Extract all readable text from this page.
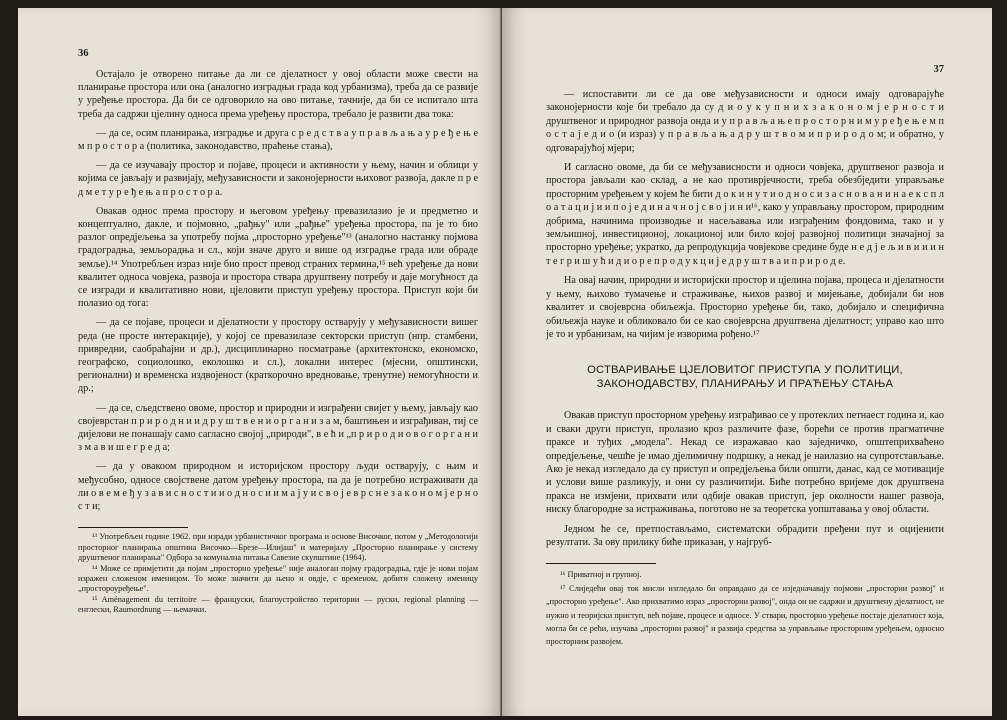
36

Остајало је отворено питање да ли се дјелатност у овој области може свести на планирање простора или она (аналогно изградњи града код урбанизма), треба да се развије у уређење простора. Да би се одговорило на ово питање, тачније, да би се испитало шта треба да садржи цјелину односа према уређењу простора, требало је развити два тока:

— да се, осим планирања, изградње и друга с р е д с т в а у п р а в љ а њ а у р е ђ е њ е м п р о с т о р а (политика, законодавство, праћење стања),

— да се изучавају простор и појаве, процеси и активности у њему, начин и облици у којима се јављају и развијају, међузависности и законојерности њиховог развоја, дакле п р е д м е т у р е ђ е њ а п р о с т о р а.

Овакав однос према простору и његовом уређењу превазилазио је и предметно и концептуално, дакле, и појмовно, „рађњу" или „рађње" уређења простора, па је то био разлог опредјељења за употребу појма „просторно уређење"¹³ (аналогно настанку појмова градоградња, земљорадња и сл., који значе друго и више од изградње града или обраде земље).¹⁴ Употребљен израз није био прост превод страних термина,¹⁵ већ уређење да нови квалитет односа човјека, развоја и простора ствара друштвену потребу и даје могућност да се изгради и квалитативно нови, цјеловити приступ уређењу простора. Приступ који би полазио од тога:

— да се појаве, процеси и дјелатности у простору остварују у међузависности вишег реда (не просте интеракције), у којој се превазилазе секторски приступ (нпр. стамбени, привредни, саобраћајни и др.), дисциплинарно посматрање (архитектонско, економско, географско, социолошко, еколошко и сл.), локални интерес (мјесни, општински, регионални) и временска издвојеност (краткорочно вредновање, тренутне) немогућности и др.;

— да се, сљедствено овоме, простор и природни и изграђени свијет у њему, јављају као својеврстан п р и р о д н и и д р у ш т в е н и о р г а н и з а м, баштињен и изграђиван, тиј се дијелови не понашају само сагласно својој „природи", в е ћ и „п р и р о д и о в о г о р г а н и з м а в и ш е г р е д а;

— да у овакоом природном и историјском простору људи остварују, с њим и међусобно, односе својствене датом уређењу простора, па да је потребно истраживати да ли о в е м е ђ у з а в и с н о с т и и о д н о с и и м а ј у и с в о ј е в р с н е з а к о н о м ј е р н о с т и;

¹³ Употребљен године 1962. при изради урбанистичког програма и основе Височког, потом у „Методологији просторног планирања општина Височко—Брезе—Илијаш" и материјалу „Просторно планирање у систему друштвеног планирања" Одбора за комунална питања Савезне скупштине (1964).

¹⁴ Може се примјетити да појам „просторно уређење" није аналоган појму градоградња, гдје је нови појам изражен сложеном именицом. То може значити да њено и овдје, с временом, добити сложену именицу „простороуређење".

¹⁵ Aménagement du territoire — француски, благоустройство територии — руски, regional planning — енглески, Raumordnung — њемачки.

37

— испоставити ли се да ове међузависности и односи имају одговарајуће законојерности које би требало да су д и о у к у п н и х з а к о н о м ј е р н о с т и друштвеног и природног развоја онда и у п р а в љ а њ е п р о с т о р н и м у р е ђ е њ е м п о с т а ј е д и о (и израз) у п р а в љ а њ а д р у ш т в о м и п р и р о д о м; и обратно, у одговарајућој мјери;

И сагласно овоме, да би се међузависности и односи човјека, друштвеног развоја и простора јављали као склад, а не као противрјечности, треба обезбједити управљање просторним уређењем у којем ће бити д о к и н у т и о д н о с и з а с н о в а н и н а е к с п л о а т а ц и ј и и п о ј е д и н а ч н о ј с в о ј и н и¹⁶, како у управљању простором, природним добрима, начинима производње и насељавања или изграђеним фондовима, тако и у земљишној, инвестиционој, локационој или било којој развојној политици значајној за просторно уређење; укратко, да репродукција човјекове средине буде н е д ј е љ и в и и и н т е г р и ш у ћ и д и о р е п р о д у к ц и ј е д р у ш т в а и п р и р о д е.

На овај начин, природни и историјски простор и цјелина појава, процеса и дјелатности у њему, њихово тумачење и страживање, њихов развој и мијењање, добијали би нов квалитет и својеврсна обиљежја. Просторно уређење би, тако, добијало и специфична обиљежја науке и обликовало би се као својеврсна друштвена дјелатност; управо као што је то и урбанизам, на чијим је изворима рођено.¹⁷

ОСТВАРИВАЊЕ ЦЈЕЛОВИТОГ ПРИСТУПА У ПОЛИТИЦИ, ЗАКОНОДАВСТВУ, ПЛАНИРАЊУ И ПРАЋЕЊУ СТАЊА

Овакав приступ просторном уређењу изграђивао се у протеклих петнаест година и, као и сваки други приступ, пролазио кроз различите фазе, борећи се против прагматичне праксе и туђих „модела". Некад се изражавао као заједничко, општеприхваћено опредјељење, чешће је имао дјелимичну подршку, а некад је наилазио на супротстављање. Ако је некад изгледало да су приступ и опредјељења били општи, данас, кад се мотивације и услови више разликују, и они су различитији. Биће потребно вријеме док друштвена пракса не измјени, прихвати или одбије овакав приступ, јер околности нашег развоја, ниску благородне за истраживања, поготово не за теоретска уопштавања у овој области.

Једном ће се, претпостављамо, систематски обрадити пређени пут и оцијенити резултати. За ову прилику биће приказан, у најгруб-

¹⁶ Приватној и групној.

¹⁷ Слиједећи овај ток мисли изгледало би оправдано да се изједначавају појмови „просторни развој" и „просторно уређење". Ако прихватимо израз „просторни развој", онда он не садржи и друштвену дјелатност, не нужно и теоријски приступ, већ појаве, процесе и односе. У ствари, просторно уређење постаје дјелатност која, могла би се рећи, изучава „просторни развој" и развија средства за управљање просторним уређењем, односно просторним развојем.
